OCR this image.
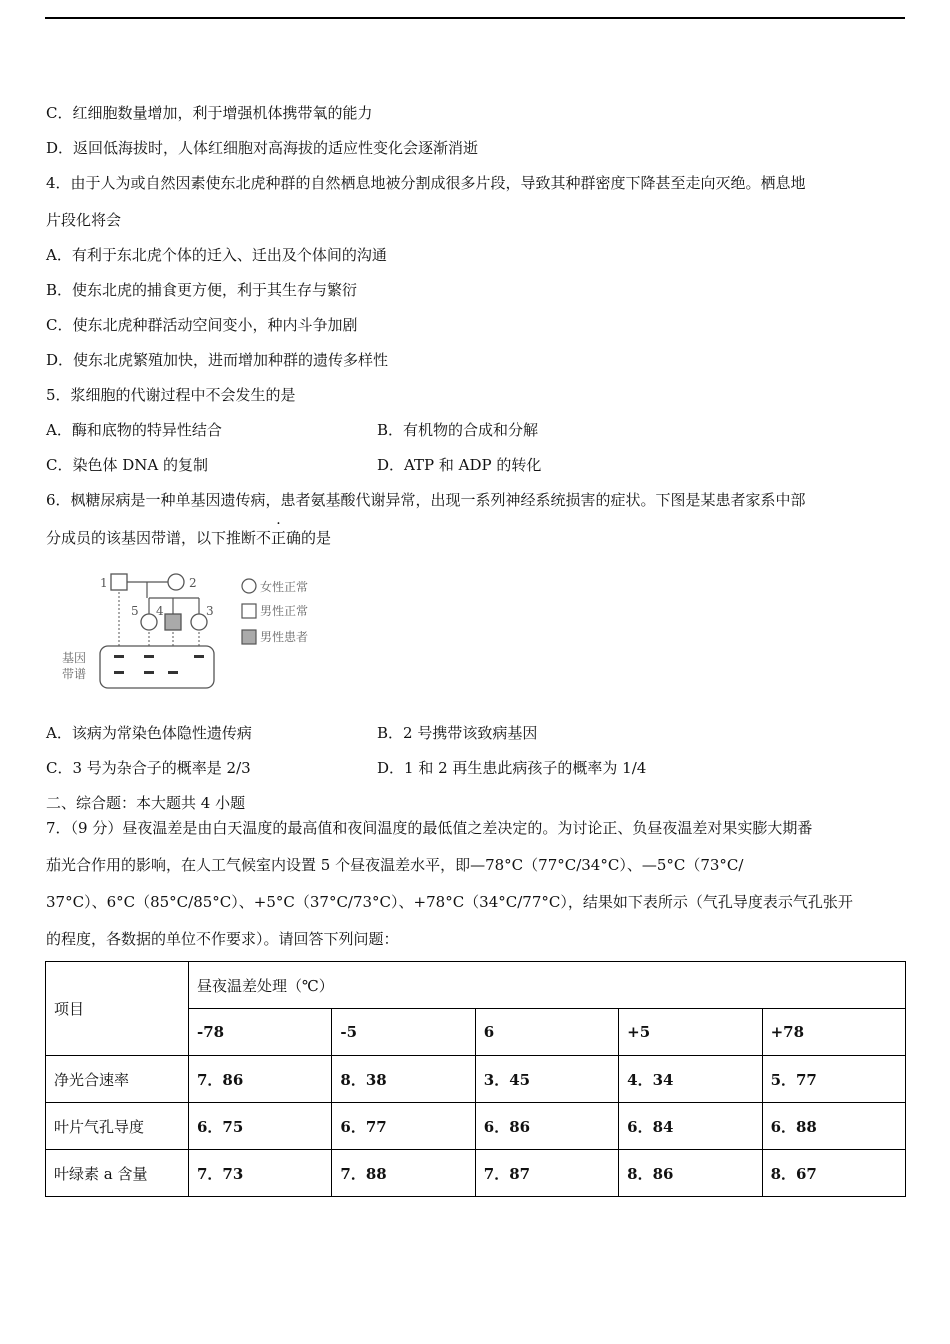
C．红细胞数量增加，利于增强机体携带氧的能力
D．返回低海拔时，人体红细胞对高海拔的适应性变化会逐渐消逝
4．由于人为或自然因素使东北虎种群的自然栖息地被分割成很多片段，导致其种群密度下降甚至走向灭绝。栖息地
片段化将会
A．有利于东北虎个体的迁入、迁出及个体间的沟通
B．使东北虎的捕食更方便，利于其生存与繁衍
C．使东北虎种群活动空间变小，种内斗争加剧
D．使东北虎繁殖加快，进而增加种群的遗传多样性
5．浆细胞的代谢过程中不会发生的是
A．酶和底物的特异性结合	B．有机物的合成和分解
C．染色体 DNA 的复制	D．ATP 和 ADP 的转化
6．枫糖尿病是一种单基因遗传病，患者氨基酸代谢异常，出现一系列神经系统损害的症状。下图是某患者家系中部
分成员的该基因带谱，以下推断不正确的是
1	2
5 4	3
基因
带谱
女性正常
男性正常
男性患者
A．该病为常染色体隐性遗传病	B．2 号携带该致病基因
C．3 号为杂合子的概率是 2/3	D．1 和 2 再生患此病孩子的概率为 1/4
二、综合题：本大题共 4 小题
7．（9 分）昼夜温差是由白天温度的最高值和夜间温度的最低值之差决定的。为讨论正、负昼夜温差对果实膨大期番
茄光合作用的影响，在人工气候室内设置 5 个昼夜温差水平，即—78°C（77°C/34°C）、—5°C（73°C/
37°C）、6°C（85°C/85°C）、+5°C（37°C/73°C）、+78°C（34°C/77°C），结果如下表所示（气孔导度表示气孔张开
的程度，各数据的单位不作要求）。请回答下列问题：
项目	昼夜温差处理（℃）				
	-78	-5	6	+5	+78
净光合速率	7．86	8．38	3．45	4．34	5．77
叶片气孔导度	6．75	6．77	6．86	6．84	6．88
叶绿素 a 含量	7．73	7．88	7．87	8．86	8．67
